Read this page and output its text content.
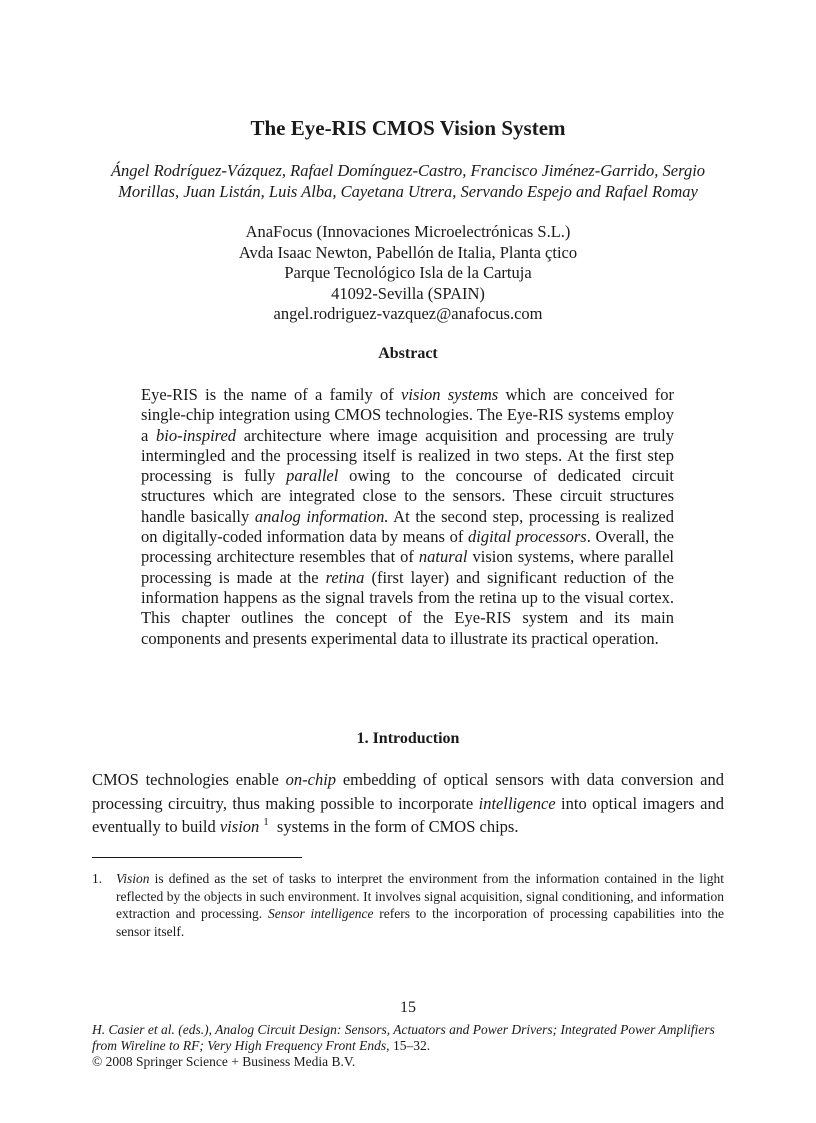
The Eye-RIS CMOS Vision System
Ángel Rodríguez-Vázquez, Rafael Domínguez-Castro, Francisco Jiménez-Garrido, Sergio Morillas, Juan Listán, Luis Alba, Cayetana Utrera, Servando Espejo and Rafael Romay
AnaFocus (Innovaciones Microelectrónicas S.L.)
Avda Isaac Newton, Pabellón de Italia, Planta çtico
Parque Tecnológico Isla de la Cartuja
41092-Sevilla (SPAIN)
angel.rodriguez-vazquez@anafocus.com
Abstract
Eye-RIS is the name of a family of vision systems which are conceived for single-chip integration using CMOS technologies. The Eye-RIS systems employ a bio-inspired architecture where image acquisition and processing are truly intermingled and the processing itself is realized in two steps. At the first step processing is fully parallel owing to the concourse of dedicated circuit structures which are integrated close to the sensors. These circuit structures handle basically analog information. At the second step, processing is realized on digitally-coded information data by means of digital processors. Overall, the processing architecture resembles that of natural vision systems, where parallel processing is made at the retina (first layer) and significant reduction of the information happens as the signal travels from the retina up to the visual cortex. This chapter outlines the concept of the Eye-RIS system and its main components and presents experimental data to illustrate its practical operation.
1. Introduction
CMOS technologies enable on-chip embedding of optical sensors with data conversion and processing circuitry, thus making possible to incorporate intelligence into optical imagers and eventually to build vision $^1$ systems in the form of CMOS chips.
1. Vision is defined as the set of tasks to interpret the environment from the information contained in the light reflected by the objects in such environment. It involves signal acquisition, signal conditioning, and information extraction and processing. Sensor intelligence refers to the incorporation of processing capabilities into the sensor itself.
15
H. Casier et al. (eds.), Analog Circuit Design: Sensors, Actuators and Power Drivers; Integrated Power Amplifiers from Wireline to RF; Very High Frequency Front Ends, 15–32.
© 2008 Springer Science + Business Media B.V.
